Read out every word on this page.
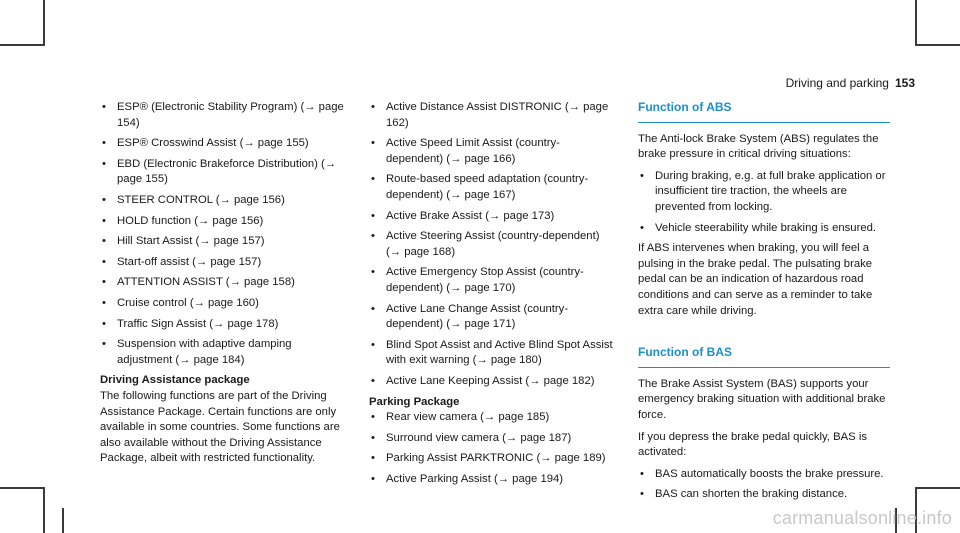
Driving and parking 153
• ESP® (Electronic Stability Program) (→ page 154)
• ESP® Crosswind Assist (→ page 155)
• EBD (Electronic Brakeforce Distribution) (→ page 155)
• STEER CONTROL (→ page 156)
• HOLD function (→ page 156)
• Hill Start Assist (→ page 157)
• Start-off assist (→ page 157)
• ATTENTION ASSIST (→ page 158)
• Cruise control (→ page 160)
• Traffic Sign Assist (→ page 178)
• Suspension with adaptive damping adjustment (→ page 184)
Driving Assistance package

The following functions are part of the Driving Assistance Package. Certain functions are only available in some countries. Some functions are also available without the Driving Assistance Package, albeit with restricted functionality.

• Active Distance Assist DISTRONIC (→ page 162)
• Active Speed Limit Assist (country-dependent) (→ page 166)
• Route-based speed adaptation (country-dependent) (→ page 167)
• Active Brake Assist (→ page 173)
• Active Steering Assist (country-dependent) (→ page 168)
• Active Emergency Stop Assist (country-dependent) (→ page 170)
• Active Lane Change Assist (country-dependent) (→ page 171)
• Blind Spot Assist and Active Blind Spot Assist with exit warning (→ page 180)
• Active Lane Keeping Assist (→ page 182)
Parking Package
• Rear view camera (→ page 185)
• Surround view camera (→ page 187)
• Parking Assist PARKTRONIC (→ page 189)
• Active Parking Assist (→ page 194)
Function of ABS

The Anti-lock Brake System (ABS) regulates the brake pressure in critical driving situations:

• During braking, e.g. at full brake application or insufficient tire traction, the wheels are prevented from locking.
• Vehicle steerability while braking is ensured.

If ABS intervenes when braking, you will feel a pulsing in the brake pedal. The pulsating brake pedal can be an indication of hazardous road conditions and can serve as a reminder to take extra care while driving.

Function of BAS

The Brake Assist System (BAS) supports your emergency braking situation with additional brake force.

If you depress the brake pedal quickly, BAS is activated:

• BAS automatically boosts the brake pressure.
• BAS can shorten the braking distance.
carmanualsonline.info
